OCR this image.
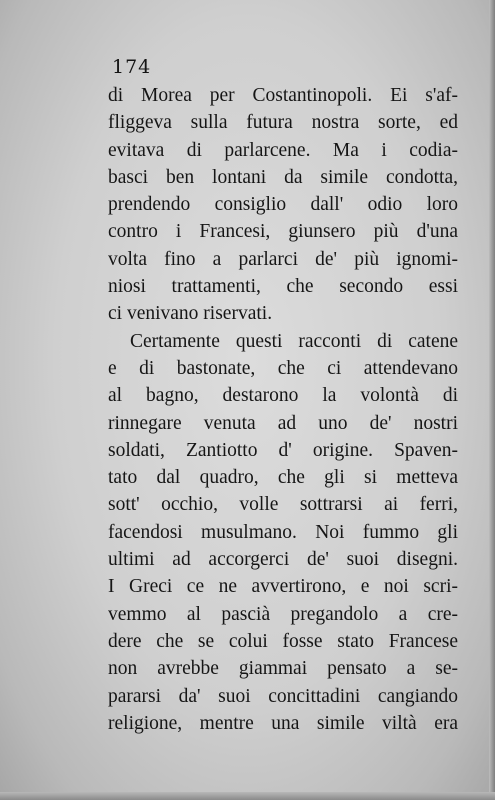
174

di Morea per Costantinopoli. Ei s'af-
fliggeva sulla futura nostra sorte, ed
evitava di parlarcene. Ma i codia-
basci ben lontani da simile condotta,
prendendo consiglio dall' odio loro
contro i Francesi, giunsero più d'una
volta fino a parlarci de' più ignomi-
niosi trattamenti, che secondo essi
ci venivano riservati.
Certamente questi racconti di catene
e di bastonate, che ci attendevano
al bagno, destarono la volontà di
rinnegare venuta ad uno de' nostri
soldati, Zantiotto d' origine. Spaven-
tato dal quadro, che gli si metteva
sott' occhio, volle sottrarsi ai ferri,
facendosi musulmano. Noi fummo gli
ultimi ad accorgerci de' suoi disegni.
I Greci ce ne avvertirono, e noi scri-
vemmo al pascià pregandolo a cre-
dere che se colui fosse stato Francese
non avrebbe giammai pensato a se-
pararsi da' suoi concittadini cangiando
religione, mentre una simile viltà era
